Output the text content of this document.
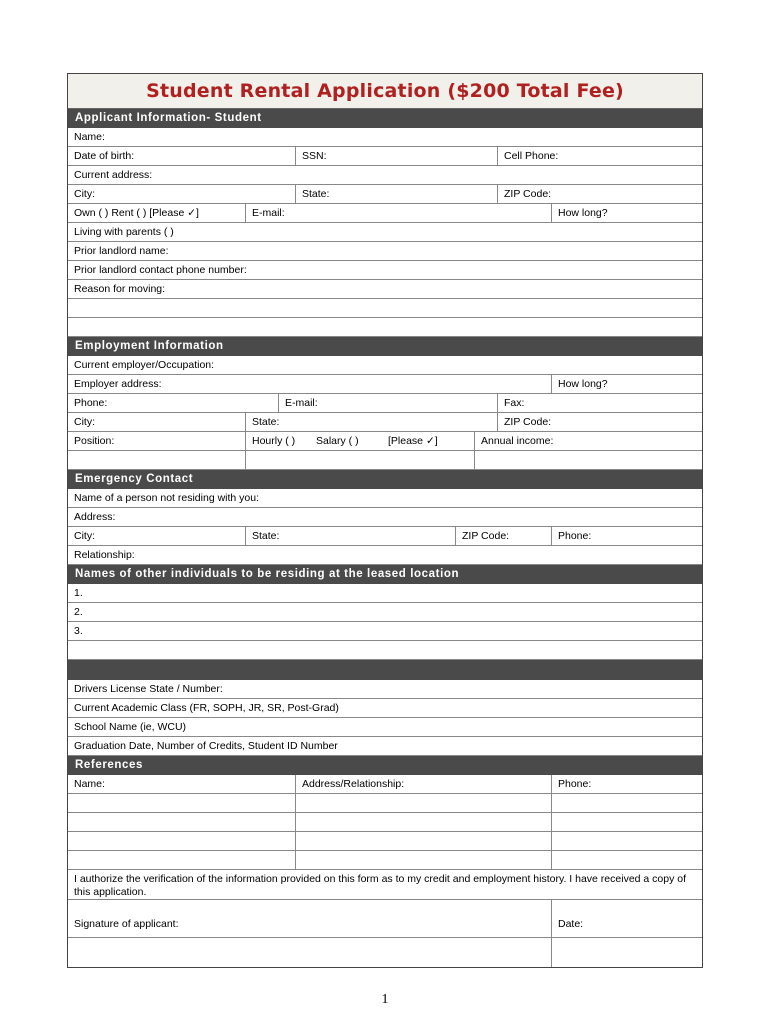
Student Rental Application ($200 Total Fee)
Applicant Information- Student
Name:
Date of birth:	SSN:	Cell Phone:
Current address:
City:	State:	ZIP Code:
Own ( ) Rent ( ) [Please ✓]	E-mail:	How long?
Living with parents ( )
Prior landlord name:
Prior landlord contact phone number:
Reason for moving:
Employment Information
Current employer/Occupation:
Employer address:	How long?
Phone:	E-mail:	Fax:
City:	State:	ZIP Code:
Position:	Hourly ( )	Salary ( )	[Please ✓]	Annual income:
Emergency Contact
Name of a person not residing with you:
Address:
City:	State:	ZIP Code:	Phone:
Relationship:
Names of other individuals to be residing at the leased location
1.
2.
3.
Drivers License State / Number:
Current Academic Class (FR, SOPH, JR, SR, Post-Grad)
School Name (ie, WCU)
Graduation Date, Number of Credits, Student ID Number
References
Name:	Address/Relationship:	Phone:
I authorize the verification of the information provided on this form as to my credit and employment history. I have received a copy of this application.
Signature of applicant:	Date:
1
